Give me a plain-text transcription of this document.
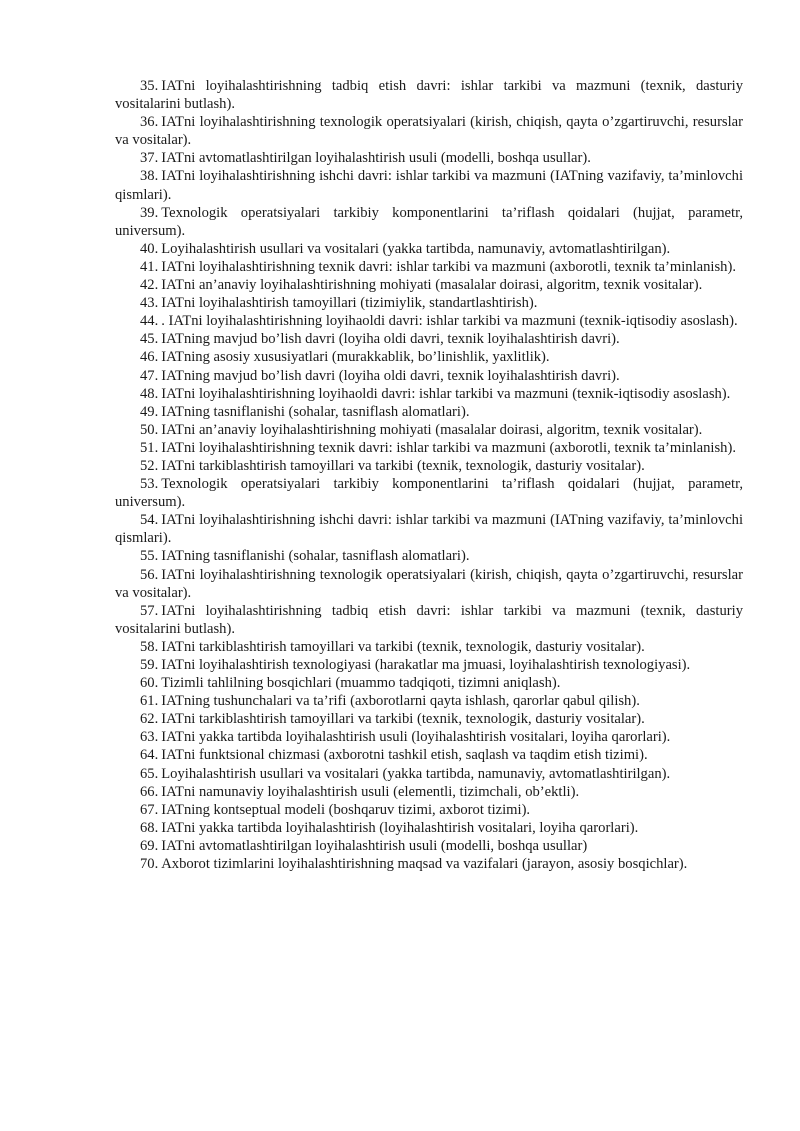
35. IATni loyihalashtirishning tadbiq etish davri: ishlar tarkibi va mazmuni (texnik, dasturiy vositalarini butlash).

36. IATni loyihalashtirishning texnologik operatsiyalari (kirish, chiqish, qayta o’zgartiruvchi, resurslar va vositalar).

37. IATni avtomatlashtirilgan loyihalashtirish usuli (modelli, boshqa usullar).

38. IATni loyihalashtirishning ishchi davri: ishlar tarkibi va mazmuni (IATning vazifaviy, ta’minlovchi qismlari).

39. Texnologik operatsiyalari tarkibiy komponentlarini ta’riflash qoidalari (hujjat, parametr, universum).

40. Loyihalashtirish usullari va vositalari (yakka tartibda, namunaviy, avtomatlashtirilgan).

41. IATni loyihalashtirishning texnik davri: ishlar tarkibi va mazmuni (axborotli, texnik ta’minlanish).

42. IATni an’anaviy loyihalashtirishning mohiyati (masalalar doirasi, algoritm, texnik vositalar).

43. IATni loyihalashtirish tamoyillari (tizimiylik, standartlashtirish).

44. . IATni loyihalashtirishning loyihaoldi davri: ishlar tarkibi va mazmuni (texnik-iqtisodiy asoslash).

45. IATning mavjud bo’lish davri (loyiha oldi davri, texnik loyihalashtirish davri).

46. IATning asosiy xususiyatlari (murakkablik, bo’linishlik, yaxlitlik).

47. IATning mavjud bo’lish davri (loyiha oldi davri, texnik loyihalashtirish davri).

48. IATni loyihalashtirishning loyihaoldi davri: ishlar tarkibi va mazmuni (texnik-iqtisodiy asoslash).

49. IATning tasniflanishi (sohalar, tasniflash alomatlari).

50. IATni an’anaviy loyihalashtirishning mohiyati (masalalar doirasi, algoritm, texnik vositalar).

51. IATni loyihalashtirishning texnik davri: ishlar tarkibi va mazmuni (axborotli, texnik ta’minlanish).

52. IATni tarkiblashtirish tamoyillari va tarkibi (texnik, texnologik, dasturiy vositalar).

53. Texnologik operatsiyalari tarkibiy komponentlarini ta’riflash qoidalari (hujjat, parametr, universum).

54. IATni loyihalashtirishning ishchi davri: ishlar tarkibi va mazmuni (IATning vazifaviy, ta’minlovchi qismlari).

55. IATning tasniflanishi (sohalar, tasniflash alomatlari).

56. IATni loyihalashtirishning texnologik operatsiyalari (kirish, chiqish, qayta o’zgartiruvchi, resurslar va vositalar).

57. IATni loyihalashtirishning tadbiq etish davri: ishlar tarkibi va mazmuni (texnik, dasturiy vositalarini butlash).

58. IATni tarkiblashtirish tamoyillari va tarkibi (texnik, texnologik, dasturiy vositalar).

59. IATni loyihalashtirish texnologiyasi (harakatlar ma jmuasi, loyihalashtirish texnologiyasi).

60. Tizimli tahlilning bosqichlari (muammo tadqiqoti, tizimni aniqlash).

61. IATning tushunchalari va ta’rifi (axborotlarni qayta ishlash, qarorlar qabul qilish).

62. IATni tarkiblashtirish tamoyillari va tarkibi (texnik, texnologik, dasturiy vositalar).

63. IATni yakka tartibda loyihalashtirish usuli (loyihalashtirish vositalari, loyiha qarorlari).

64. IATni funktsional chizmasi (axborotni tashkil etish, saqlash va taqdim etish tizimi).

65. Loyihalashtirish usullari va vositalari (yakka tartibda, namunaviy, avtomatlashtirilgan).

66. IATni namunaviy loyihalashtirish usuli (elementli, tizimchali, ob’ektli).

67. IATning kontseptual modeli (boshqaruv tizimi, axborot tizimi).

68. IATni yakka tartibda loyihalashtirish (loyihalashtirish vositalari, loyiha qarorlari).

69. IATni avtomatlashtirilgan loyihalashtirish usuli (modelli, boshqa usullar)

70. Axborot tizimlarini loyihalashtirishning maqsad va vazifalari (jarayon, asosiy bosqichlar).
